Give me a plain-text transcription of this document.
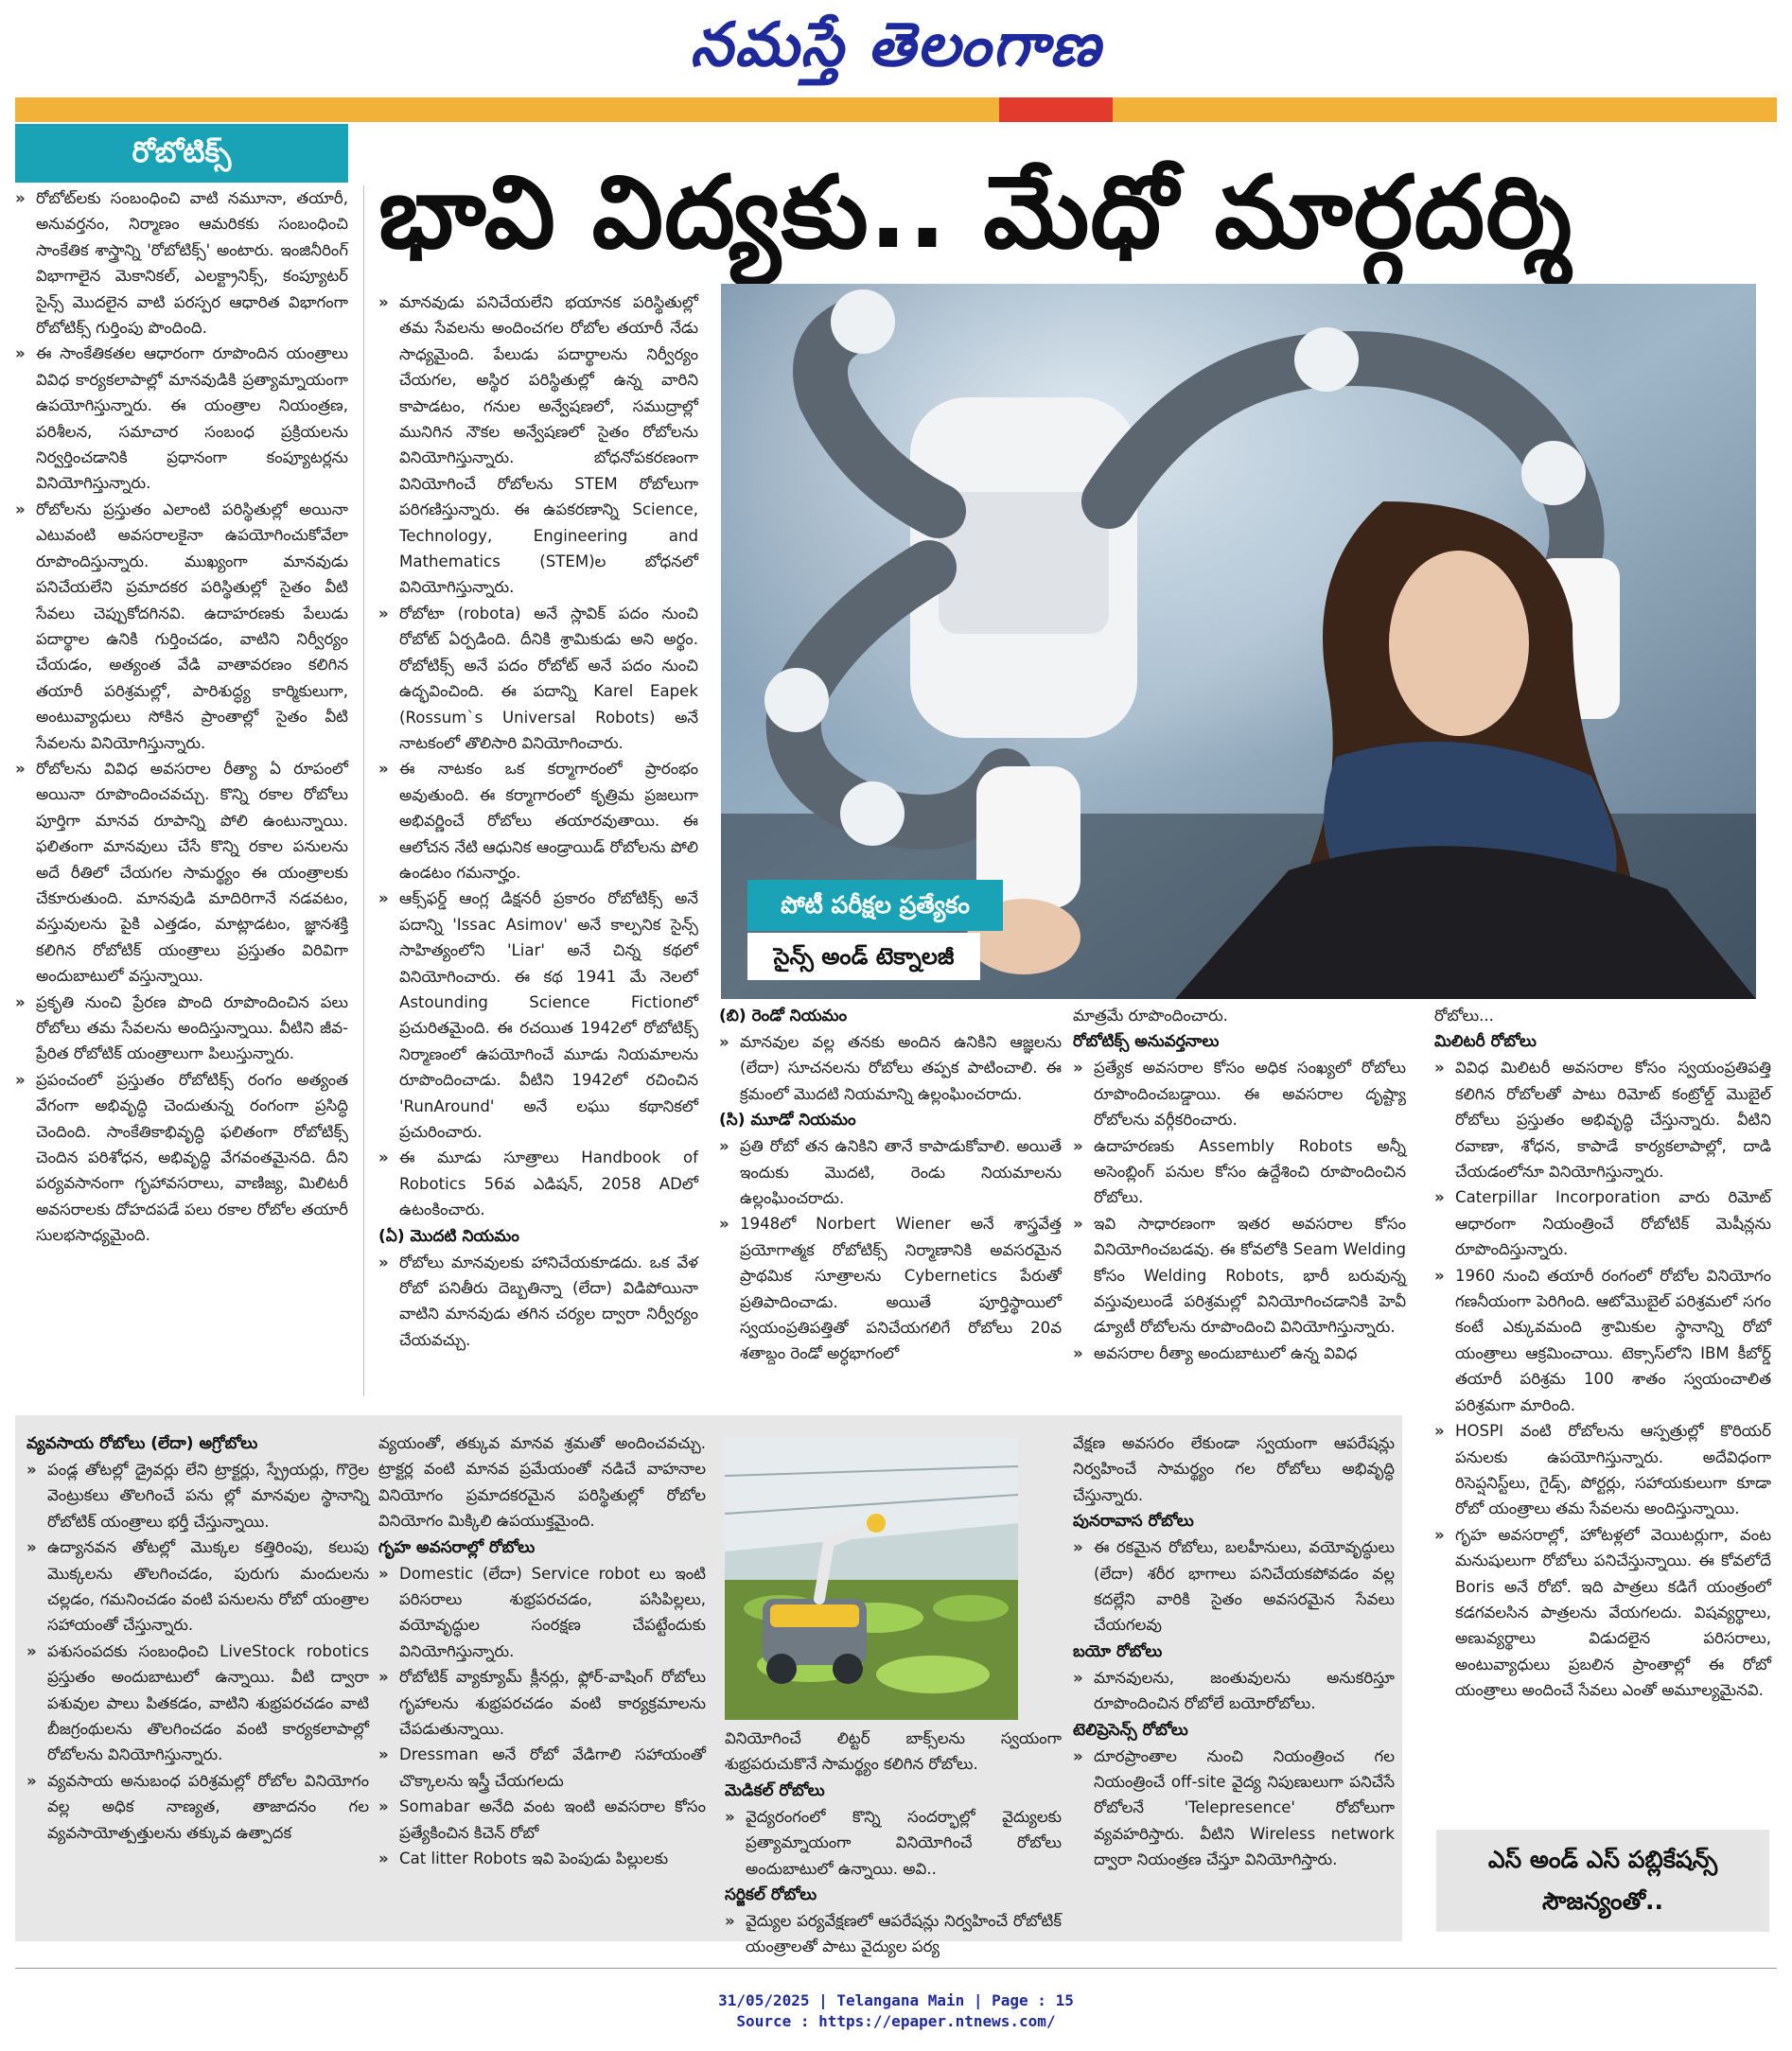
నమస్తే తెలంగాణ
రోబోటిక్స్
భావి విద్యకు.. మేధో మార్గదర్శి

» రోబోట్‌లకు సంబంధించి వాటి నమూనా, తయారీ, అనువర్తనం, నిర్మాణం ఆమరికకు సంబంధించి సాంకేతిక శాస్త్రాన్ని 'రోబోటిక్స్' అంటారు. ఇంజినీరింగ్ విభాగాలైన మెకానికల్, ఎలక్ట్రానిక్స్, కంప్యూటర్ సైన్స్ మొదలైన వాటి పరస్పర ఆధారిత విభాగంగా రోబోటిక్స్ గుర్తింపు పొందింది.

» ఈ సాంకేతికతల ఆధారంగా రూపొందిన యంత్రాలు వివిధ కార్యకలాపాల్లో మానవుడికి ప్రత్యామ్నాయంగా ఉపయోగిస్తున్నారు. ఈ యంత్రాల నియంత్రణ, పరిశీలన, సమాచార సంబంధ ప్రక్రియలను నిర్వర్తించడానికి ప్రధానంగా కంప్యూటర్లను వినియోగిస్తున్నారు.

» రోబోలను ప్రస్తుతం ఎలాంటి పరిస్థితుల్లో అయినా ఎటువంటి అవసరాలకైనా ఉపయోగించుకోవేలా రూపొందిస్తున్నారు. ముఖ్యంగా మానవుడు పనిచేయలేని ప్రమాదకర పరిస్థితుల్లో సైతం వీటి సేవలు చెప్పుకోదగినవి. ఉదాహరణకు పేలుడు పదార్థాల ఉనికి గుర్తించడం, వాటిని నిర్వీర్యం చేయడం, అత్యంత వేడి వాతావరణం కలిగిన తయారీ పరిశ్రమల్లో, పారిశుద్ధ్య కార్మికులుగా, అంటువ్యాధులు సోకిన ప్రాంతాల్లో సైతం వీటి సేవలను వినియోగిస్తున్నారు.

» రోబోలను వివిధ అవసరాల రీత్యా ఏ రూపంలో అయినా రూపొందించవచ్చు. కొన్ని రకాల రోబోలు పూర్తిగా మానవ రూపాన్ని పోలి ఉంటున్నాయి. ఫలితంగా మానవులు చేసే కొన్ని రకాల పనులను అదే రీతిలో చేయగల సామర్థ్యం ఈ యంత్రాలకు చేకూరుతుంది. మానవుడి మాదిరిగానే నడవటం, వస్తువులను పైకి ఎత్తడం, మాట్లాడటం, జ్ఞానశక్తి కలిగిన రోబోటిక్ యంత్రాలు ప్రస్తుతం విరివిగా అందుబాటులో వస్తున్నాయి.

» ప్రకృతి నుంచి ప్రేరణ పొంది రూపొందించిన పలు రోబోలు తమ సేవలను అందిస్తున్నాయి. వీటిని జీవ-ప్రేరిత రోబోటిక్ యంత్రాలుగా పిలుస్తున్నారు.

» ప్రపంచంలో ప్రస్తుతం రోబోటిక్స్ రంగం అత్యంత వేగంగా అభివృద్ధి చెందుతున్న రంగంగా ప్రసిద్ధి చెందింది. సాంకేతికాభివృద్ధి ఫలితంగా రోబోటిక్స్ చెందిన పరిశోధన, అభివృద్ధి వేగవంతమైనది. దీని పర్యవసానంగా గృహావసరాలు, వాణిజ్య, మిలిటరీ అవసరాలకు దోహదపడే పలు రకాల రోబోల తయారీ సులభసాధ్యమైంది.

» మానవుడు పనిచేయలేని భయానక పరిస్థితుల్లో తమ సేవలను అందించగల రోబోల తయారీ నేడు సాధ్యమైంది. పేలుడు పదార్థాలను నిర్వీర్యం చేయగల, అస్థిర పరిస్థితుల్లో ఉన్న వారిని కాపాడటం, గనుల అన్వేషణలో, సముద్రాల్లో మునిగిన నౌకల అన్వేషణలో సైతం రోబోలను వినియోగిస్తున్నారు. బోధనోపకరణంగా వినియోగించే రోబోలను STEM రోబోలుగా పరిగణిస్తున్నారు. ఈ ఉపకరణాన్ని Science, Technology, Engineering and Mathematics (STEM)ల బోధనలో వినియోగిస్తున్నారు.

» రోబోటా (robota) అనే స్లావిక్ పదం నుంచి రోబోట్ ఏర్పడింది. దీనికి శ్రామికుడు అని అర్థం. రోబోటిక్స్ అనే పదం రోబోట్ అనే పదం నుంచి ఉద్భవించింది. ఈ పదాన్ని Karel Eapek (Rossum`s Universal Robots) అనే నాటకంలో తొలిసారి వినియోగించారు.

» ఈ నాటకం ఒక కర్మాగారంలో ప్రారంభం అవుతుంది. ఈ కర్మాగారంలో కృత్రిమ ప్రజలుగా అభివర్ణించే రోబోలు తయారవుతాయి. ఈ ఆలోచన నేటి ఆధునిక ఆండ్రాయిడ్ రోబోలను పోలి ఉండటం గమనార్హం.

» ఆక్స్‌ఫర్డ్ ఆంగ్ల డిక్షనరీ ప్రకారం రోబోటిక్స్ అనే పదాన్ని 'Issac Asimov' అనే కాల్పనిక సైన్స్ సాహిత్యంలోని 'Liar' అనే చిన్న కథలో వినియోగించారు. ఈ కథ 1941 మే నెలలో Astounding Science Fictionలో ప్రచురితమైంది. ఈ రచయిత 1942లో రోబోటిక్స్ నిర్మాణంలో ఉపయోగించే మూడు నియమాలను రూపొందించాడు. వీటిని 1942లో రచించిన 'RunAround' అనే లఘు కథానికలో ప్రచురించారు.

» ఈ మూడు సూత్రాలు Handbook of Robotics 56వ ఎడిషన్, 2058 ADలో ఉటంకించారు.

(ఏ) మొదటి నియమం

» రోబోలు మానవులకు హానిచేయకూడదు. ఒక వేళ రోబో పనితీరు దెబ్బతిన్నా (లేదా) విడిపోయినా వాటిని మానవుడు తగిన చర్యల ద్వారా నిర్వీర్యం చేయవచ్చు.

పోటీ పరీక్షల ప్రత్యేకం
సైన్స్ అండ్ టెక్నాలజీ
(బి) రెండో నియమం

» మానవుల వల్ల తనకు అందిన ఉనికిని ఆజ్ఞలను (లేదా) సూచనలను రోబోలు తప్పక పాటించాలి. ఈ క్రమంలో మొదటి నియమాన్ని ఉల్లంఘించరాదు.

(సి) మూడో నియమం

» ప్రతి రోబో తన ఉనికిని తానే కాపాడుకోవాలి. అయితే ఇందుకు మొదటి, రెండు నియమాలను ఉల్లంఘించరాదు.

» 1948లో Norbert Wiener అనే శాస్త్రవేత్త ప్రయోగాత్మక రోబోటిక్స్ నిర్మాణానికి అవసరమైన ప్రాథమిక సూత్రాలను Cybernetics పేరుతో ప్రతిపాదించాడు. అయితే పూర్తిస్థాయిలో స్వయంప్రతిపత్తితో పనిచేయగలిగే రోబోలు 20వ శతాబ్దం రెండో అర్ధభాగంలో

మాత్రమే రూపొందించారు.

రోబోటిక్స్ అనువర్తనాలు

» ప్రత్యేక అవసరాల కోసం అధిక సంఖ్యలో రోబోలు రూపొందించబడ్డాయి. ఈ అవసరాల దృష్ట్యా రోబోలను వర్గీకరించారు.

» ఉదాహరణకు Assembly Robots అన్నీ అసెంబ్లింగ్ పనుల కోసం ఉద్దేశించి రూపొందించిన రోబోలు.

» ఇవి సాధారణంగా ఇతర అవసరాల కోసం వినియోగించబడవు. ఈ కోవలోకి Seam Welding కోసం Welding Robots, భారీ బరువున్న వస్తువులుండే పరిశ్రమల్లో వినియోగించడానికి హెవీ డ్యూటీ రోబోలను రూపొందించి వినియోగిస్తున్నారు.

» అవసరాల రీత్యా అందుబాటులో ఉన్న వివిధ

రోబోలు...

మిలిటరీ రోబోలు

» వివిధ మిలిటరీ అవసరాల కోసం స్వయంప్రతిపత్తి కలిగిన రోబోలతో పాటు రిమోట్ కంట్రోల్డ్ మొబైల్ రోబోలు ప్రస్తుతం అభివృద్ధి చేస్తున్నారు. వీటిని రవాణా, శోధన, కాపాడే కార్యకలాపాల్లో, దాడి చేయడంలోనూ వినియోగిస్తున్నారు.

» Caterpillar Incorporation వారు రిమోట్ ఆధారంగా నియంత్రించే రోబోటిక్ మెషీన్లను రూపొందిస్తున్నారు.

» 1960 నుంచి తయారీ రంగంలో రోబోల వినియోగం గణనీయంగా పెరిగింది. ఆటోమొబైల్ పరిశ్రమలో సగం కంటే ఎక్కువమంది శ్రామికుల స్థానాన్ని రోబో యంత్రాలు ఆక్రమించాయి. టెక్సాస్‌లోని IBM కీబోర్డ్ తయారీ పరిశ్రమ 100 శాతం స్వయంచాలిత పరిశ్రమగా మారింది.

» HOSPI వంటి రోబోలను ఆస్పత్రుల్లో కొరియర్ పనులకు ఉపయోగిస్తున్నారు. అదేవిధంగా రిసెప్షనిస్ట్‌లు, గైడ్స్, పోర్టర్లు, సహాయకులుగా కూడా రోబో యంత్రాలు తమ సేవలను అందిస్తున్నాయి.

» గృహ అవసరాల్లో, హోటళ్లలో వెయిటర్లుగా, వంట మనుషులుగా రోబోలు పనిచేస్తున్నాయి. ఈ కోవలోదే Boris అనే రోబో. ఇది పాత్రలు కడిగే యంత్రంలో కడగవలసిన పాత్రలను వేయగలదు. విషవ్యర్థాలు, అణువ్యర్థాలు విడుదలైన పరిసరాలు, అంటువ్యాధులు ప్రబలిన ప్రాంతాల్లో ఈ రోబో యంత్రాలు అందించే సేవలు ఎంతో అమూల్యమైనవి.

వ్యవసాయ రోబోలు (లేదా) అగ్రోబోలు

» పండ్ల తోటల్లో డ్రైవర్లు లేని ట్రాక్టర్లు, స్ప్రేయర్లు, గొర్రెల వెంట్రుకలు తొలగించే పను ల్లో మానవుల స్థానాన్ని రోబోటిక్ యంత్రాలు భర్తీ చేస్తున్నాయి.

» ఉద్యానవన తోటల్లో మొక్కల కత్తిరింపు, కలుపు మొక్కలను తొలగించడం, పురుగు మందులను చల్లడం, గమనించడం వంటి పనులను రోబో యంత్రాల సహాయంతో చేస్తున్నారు.

» పశుసంపదకు సంబంధించి LiveStock robotics ప్రస్తుతం అందుబాటులో ఉన్నాయి. వీటి ద్వారా పశువుల పాలు పితకడం, వాటిని శుభ్రపరచడం వాటి బీజగ్రంథులను తొలగించడం వంటి కార్యకలాపాల్లో రోబోలను వినియోగిస్తున్నారు.

» వ్యవసాయ అనుబంధ పరిశ్రమల్లో రోబోల వినియోగం వల్ల అధిక నాణ్యత, తాజాదనం గల వ్యవసాయోత్పత్తులను తక్కువ ఉత్పాదక

వ్యయంతో, తక్కువ మానవ శ్రమతో అందించవచ్చు. ట్రాక్టర్ల వంటి మానవ ప్రమేయంతో నడిచే వాహనాల వినియోగం ప్రమాదకరమైన పరిస్థితుల్లో రోబోల వినియోగం మిక్కిలి ఉపయుక్తమైంది.

గృహ అవసరాల్లో రోబోలు

» Domestic (లేదా) Service robot లు ఇంటి పరిసరాలు శుభ్రపరచడం, పసిపిల్లలు, వయోవృద్ధుల సంరక్షణ చేపట్టేందుకు వినియోగిస్తున్నారు.

» రోబోటిక్ వ్యాక్యూమ్ క్లీనర్లు, ఫ్లోర్-వాషింగ్ రోబోలు గృహాలను శుభ్రపరచడం వంటి కార్యక్రమాలను చేపడుతున్నాయి.

» Dressman అనే రోబో వేడిగాలి సహాయంతో చొక్కాలను ఇస్త్రీ చేయగలదు

» Somabar అనేది వంట ఇంటి అవసరాల కోసం ప్రత్యేకించిన కిచెన్ రోబో

» Cat litter Robots ఇవి పెంపుడు పిల్లులకు

వినియోగించే లిట్టర్ బాక్స్‌లను స్వయంగా శుభ్రపరుచుకొనే సామర్థ్యం కలిగిన రోబోలు.

మెడికల్ రోబోలు

» వైద్యరంగంలో కొన్ని సందర్భాల్లో వైద్యులకు ప్రత్యామ్నాయంగా వినియోగించే రోబోలు అందుబాటులో ఉన్నాయి. అవి..

సర్జికల్ రోబోలు

» వైద్యుల పర్యవేక్షణలో ఆపరేషన్లు నిర్వహించే రోబోటిక్ యంత్రాలతో పాటు వైద్యుల పర్య

వేక్షణ అవసరం లేకుండా స్వయంగా ఆపరేషన్లు నిర్వహించే సామర్థ్యం గల రోబోలు అభివృద్ధి చేస్తున్నారు.

పునరావాస రోబోలు

» ఈ రకమైన రోబోలు, బలహీనులు, వయోవృద్ధులు (లేదా) శరీర భాగాలు పనిచేయకపోవడం వల్ల కదల్లేని వారికి సైతం అవసరమైన సేవలు చేయగలవు

బయో రోబోలు

» మానవులను, జంతువులను అనుకరిస్తూ రూపొందించిన రోబోలే బయోరోబోలు.

టెలిప్రెసెన్స్ రోబోలు

» దూరప్రాంతాల నుంచి నియంత్రించ గల నియంత్రించే off-site వైద్య నిపుణులుగా పనిచేసే రోబోలనే 'Telepresence' రోబోలుగా వ్యవహరిస్తారు. వీటిని Wireless network ద్వారా నియంత్రణ చేస్తూ వినియోగిస్తారు.	ఎస్ అండ్ ఎస్ పబ్లికేషన్స్
సౌజన్యంతో..
31/05/2025 | Telangana Main | Page : 15
Source : https://epaper.ntnews.com/
